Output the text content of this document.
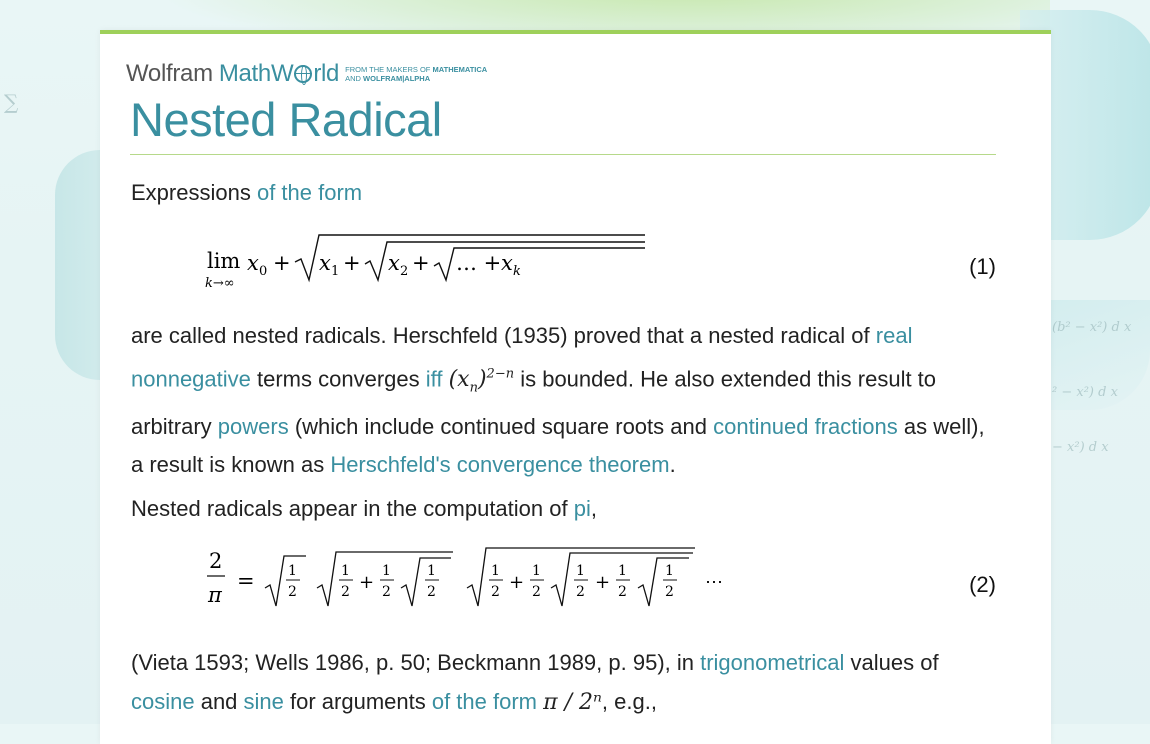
∑
(b² − x²) d x
² − x²) d x
− x²) d x
Wolfram MathW rld FROM THE MAKERS OF MATHEMATICA
AND WOLFRAM|ALPHA
Nested Radical

Expressions of the form

lim
k→∞
x 0 + x 1 + x 2 + … + x k	(1)

are called nested radicals. Herschfeld (1935) proved that a nested radical of real nonnegative terms converges iff $(x_n)^{2-n}$ is bounded. He also extended this result to arbitrary powers (which include continued square roots and continued fractions as well), a result is known as Herschfeld's convergence theorem.

Nested radicals appear in the computation of pi,

2
π
= 1
2
1
2 +
1
2
1
2
1
2 +
1
2
1
2 +
1
2
1
2 ⋯	(2)

(Vieta 1593; Wells 1986, p. 50; Beckmann 1989, p. 95), in trigonometrical values of
cosine and sine for arguments of the form π / 2ⁿ, e.g.,
